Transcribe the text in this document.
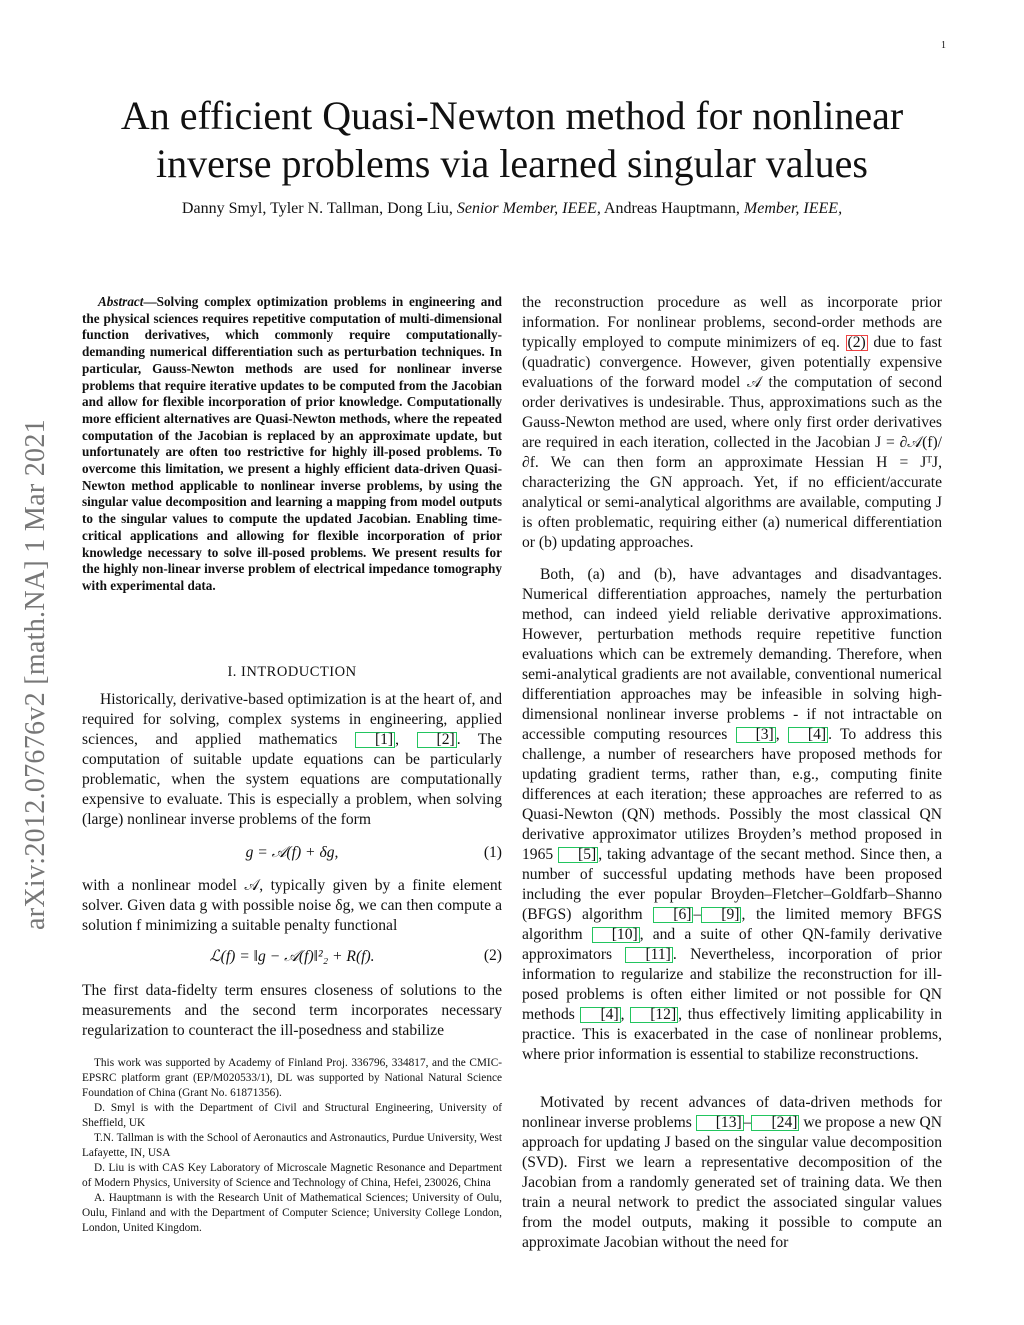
1
An efficient Quasi-Newton method for nonlinear
inverse problems via learned singular values
Danny Smyl, Tyler N. Tallman, Dong Liu, Senior Member, IEEE, Andreas Hauptmann, Member, IEEE,
arXiv:2012.07676v2 [math.NA] 1 Mar 2021

Abstract—Solving complex optimization problems in engineering and the physical sciences requires repetitive computation of multi-dimensional function derivatives, which commonly require computationally-demanding numerical differentiation such as perturbation techniques. In particular, Gauss-Newton methods are used for nonlinear inverse problems that require iterative updates to be computed from the Jacobian and allow for flexible incorporation of prior knowledge. Computationally more efficient alternatives are Quasi-Newton methods, where the repeated computation of the Jacobian is replaced by an approximate update, but unfortunately are often too restrictive for highly ill-posed problems. To overcome this limitation, we present a highly efficient data-driven Quasi-Newton method applicable to nonlinear inverse problems, by using the singular value decomposition and learning a mapping from model outputs to the singular values to compute the updated Jacobian. Enabling time-critical applications and allowing for flexible incorporation of prior knowledge necessary to solve ill-posed problems. We present results for the highly non-linear inverse problem of electrical impedance tomography with experimental data.

I. INTRODUCTION

Historically, derivative-based optimization is at the heart of, and required for solving, complex systems in engineering, applied sciences, and applied mathematics [1] , [2] . The computation of suitable update equations can be particularly problematic, when the system equations are computationally expensive to evaluate. This is especially a problem, when solving (large) nonlinear inverse problems of the form

g = 𝒜(f) + δg,	(1)

with a nonlinear model 𝒜, typically given by a finite element solver. Given data g with possible noise δg, we can then compute a solution f minimizing a suitable penalty functional

ℒ(f) = ‖g − 𝒜(f)‖²₂ + R(f).	(2)

The first data-fidelty term ensures closeness of solutions to the measurements and the second term incorporates necessary regularization to counteract the ill-posedness and stabilize

This work was supported by Academy of Finland Proj. 336796, 334817, and the CMIC-EPSRC platform grant (EP/M020533/1), DL was supported by National Natural Science Foundation of China (Grant No. 61871356).

D. Smyl is with the Department of Civil and Structural Engineering, University of Sheffield, UK

T.N. Tallman is with the School of Aeronautics and Astronautics, Purdue University, West Lafayette, IN, USA

D. Liu is with CAS Key Laboratory of Microscale Magnetic Resonance and Department of Modern Physics, University of Science and Technology of China, Hefei, 230026, China

A. Hauptmann is with the Research Unit of Mathematical Sciences; University of Oulu, Oulu, Finland and with the Department of Computer Science; University College London, London, United Kingdom.

the reconstruction procedure as well as incorporate prior information. For nonlinear problems, second-order methods are typically employed to compute minimizers of eq. (2) due to fast (quadratic) convergence. However, given potentially expensive evaluations of the forward model 𝒜 the computation of second order derivatives is undesirable. Thus, approximations such as the Gauss-Newton method are used, where only first order derivatives are required in each iteration, collected in the Jacobian J = ∂𝒜(f)/∂f. We can then form an approximate Hessian H = JᵀJ, characterizing the GN approach. Yet, if no efficient/accurate analytical or semi-analytical algorithms are available, computing J is often problematic, requiring either (a) numerical differentiation or (b) updating approaches.

Both, (a) and (b), have advantages and disadvantages. Numerical differentiation approaches, namely the perturbation method, can indeed yield reliable derivative approximations. However, perturbation methods require repetitive function evaluations which can be extremely demanding. Therefore, when semi-analytical gradients are not available, conventional numerical differentiation approaches may be infeasible in solving high-dimensional nonlinear inverse problems - if not intractable on accessible computing resources [3] , [4] . To address this challenge, a number of researchers have proposed methods for updating gradient terms, rather than, e.g., computing finite differences at each iteration; these approaches are referred to as Quasi-Newton (QN) methods. Possibly the most classical QN derivative approximator utilizes Broyden’s method proposed in 1965 [5] , taking advantage of the secant method. Since then, a number of successful updating methods have been proposed including the ever popular Broyden–Fletcher–Goldfarb–Shanno (BFGS) algorithm [6] – [9] , the limited memory BFGS algorithm [10] , and a suite of other QN-family derivative approximators [11] . Nevertheless, incorporation of prior information to regularize and stabilize the reconstruction for ill-posed problems is often either limited or not possible for QN methods [4] , [12] , thus effectively limiting applicability in practice. This is exacerbated in the case of nonlinear problems, where prior information is essential to stabilize reconstructions.

Motivated by recent advances of data-driven methods for nonlinear inverse problems [13] – [24] we propose a new QN approach for updating J based on the singular value decomposition (SVD). First we learn a representative decomposition of the Jacobian from a randomly generated set of training data. We then train a neural network to predict the associated singular values from the model outputs, making it possible to compute an approximate Jacobian without the need for
